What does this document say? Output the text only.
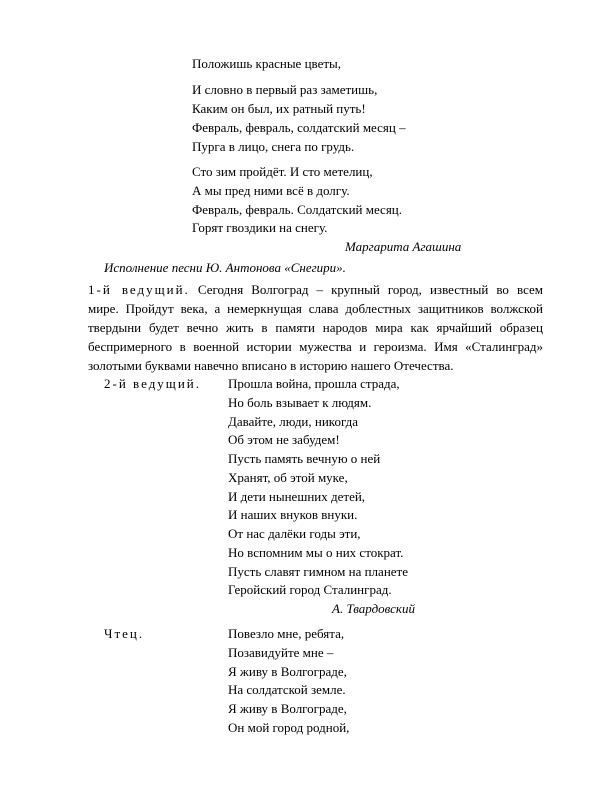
Положишь красные цветы,
И словно в первый раз заметишь,
Каким он был, их ратный путь!
Февраль, февраль, солдатский месяц –
Пурга в лицо, снега по грудь.
Сто зим пройдёт. И сто метелиц,
А мы пред ними всё в долгу.
Февраль, февраль. Солдатский месяц.
Горят гвоздики на снегу.
Маргарита Агашина
Исполнение песни Ю. Антонова «Снегири».
1-й ведущий. Сегодня Волгоград – крупный город, известный во всем
мире. Пройдут века, а немеркнущая слава доблестных защитников волжской
твердыни будет вечно жить в памяти народов мира как ярчайший образец
беспримерного в военной истории мужества и героизма. Имя «Сталинград»
золотыми буквами навечно вписано в историю нашего Отечества.
2-й ведущий. Прошла война, прошла страда,
Но боль взывает к людям.
Давайте, люди, никогда
Об этом не забудем!
Пусть память вечную о ней
Хранят, об этой муке,
И дети нынешних детей,
И наших внуков внуки.
От нас далёки годы эти,
Но вспомним мы о них стократ.
Пусть славят гимном на планете
Геройский город Сталинград.
А. Твардовский
Чтец.	Повезло мне, ребята,
Позавидуйте мне –
Я живу в Волгограде,
На солдатской земле.
Я живу в Волгограде,
Он мой город родной,
